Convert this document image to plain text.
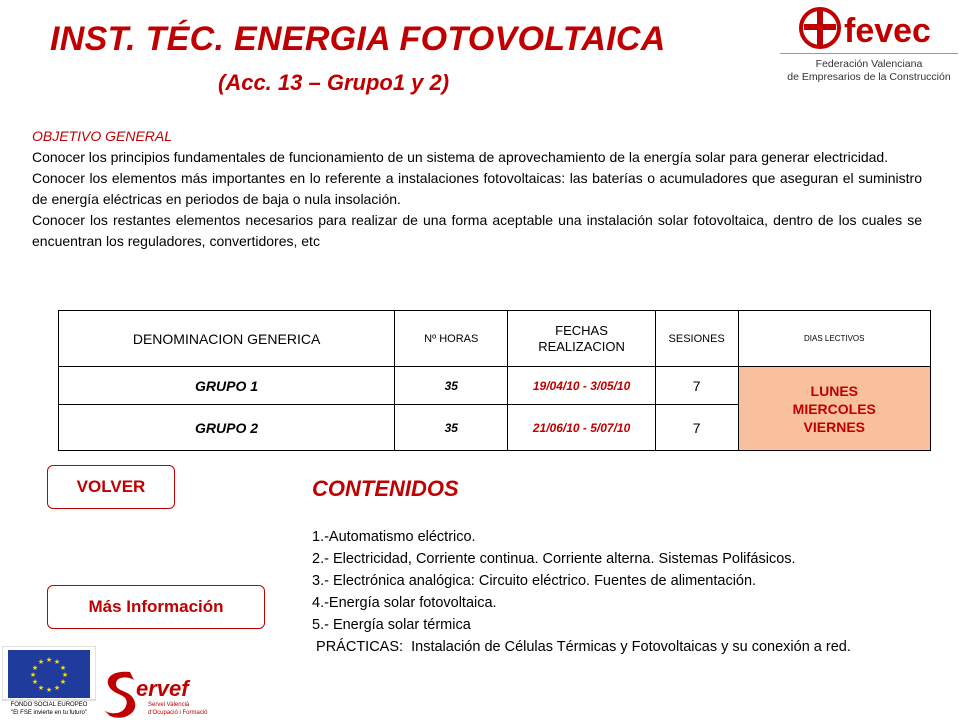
INST. TÉC. ENERGIA FOTOVOLTAICA
(Acc. 13 – Grupo1 y 2)
fevec
Federación Valenciana
de Empresarios de la Construcción

OBJETIVO GENERAL

Conocer los principios fundamentales de funcionamiento de un sistema de aprovechamiento de la energía solar para generar electricidad.

Conocer los elementos más importantes en lo referente a instalaciones fotovoltaicas: las baterías o acumuladores que aseguran el suministro de energía eléctricas en periodos de baja o nula insolación.

Conocer los restantes elementos necesarios para realizar de una forma aceptable una instalación solar fotovoltaica, dentro de los cuales se encuentran los reguladores, convertidores, etc

DENOMINACION GENERICA	Nº HORAS	FECHAS REALIZACION	SESIONES	DIAS LECTIVOS
GRUPO 1	35	19/04/10 - 3/05/10	7	LUNES
MIERCOLES
VIERNES

GRUPO 2	35	21/06/10 - 5/07/10	7	
VOLVER
Más Información
CONTENIDOS
1.-Automatismo eléctrico.
2.- Electricidad, Corriente continua. Corriente alterna. Sistemas Polifásicos.
3.- Electrónica analógica: Circuito eléctrico. Fuentes de alimentación.
4.-Energía solar fotovoltaica.
5.- Energía solar térmica
PRÁCTICAS:  Instalación de Células Térmicas y Fotovoltaicas y su conexión a red.
★ ★
★
★
★
★
★
★
★
★
★
★
FONDO SOCIAL EUROPEO
"El FSE invierte en tu futuro"
ervef
Servei Valencià
d'Ocupació i Formació
